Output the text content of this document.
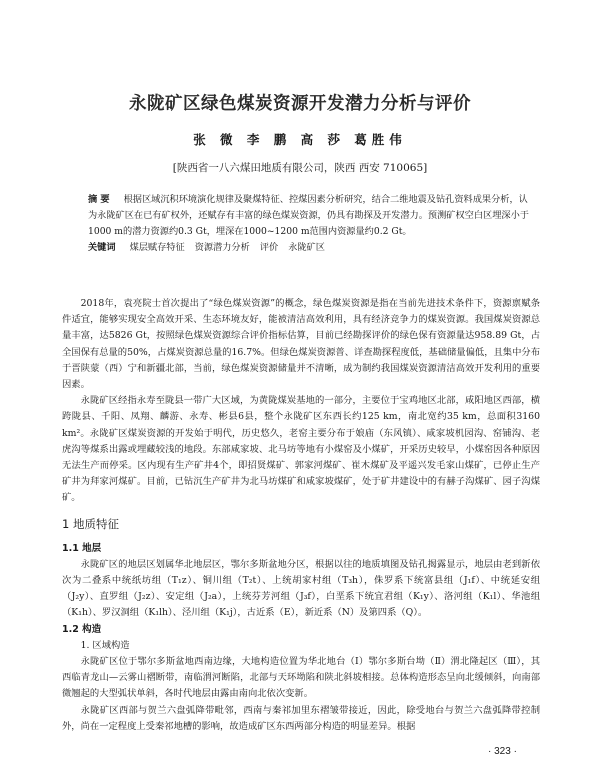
永陇矿区绿色煤炭资源开发潜力分析与评价
张 微 李 鹏 高 莎 葛胜伟
[陕西省一八六煤田地质有限公司，陕西 西安 710065]
摘 要 根据区域沉积环境演化规律及聚煤特征、控煤因素分析研究，结合二维地震及钻孔资料成果分析，认为永陇矿区在已有矿权外，还赋存有丰富的绿色煤炭资源，仍具有勘探及开发潜力。预测矿权空白区埋深小于1000 m的潜力资源约0.3 Gt，埋深在1000~1200 m范围内资源量约0.2 Gt。
关键词 煤层赋存特征 资源潜力分析 评价 永陇矿区

2018年，袁亮院士首次提出了“绿色煤炭资源”的概念，绿色煤炭资源是指在当前先进技术条件下，资源禀赋条件适宜，能够实现安全高效开采、生态环境友好，能被清洁高效利用，具有经济竞争力的煤炭资源。我国煤炭资源总量丰富，达5826 Gt，按照绿色煤炭资源综合评价指标估算，目前已经勘探评价的绿色保有资源量达958.89 Gt，占全国保有总量的50%，占煤炭资源总量的16.7%。但绿色煤炭资源普、详查勘探程度低，基础储量偏低，且集中分布于晋陕蒙（西）宁和新疆北部，当前，绿色煤炭资源储量并不清晰，成为制约我国煤炭资源清洁高效开发利用的重要因素。

永陇矿区经指永寿至陇县一带广大区域，为黄陇煤炭基地的一部分，主要位于宝鸡地区北部，咸阳地区西部，横跨陇县、千阳、凤翔、麟游、永寿、彬县6县，整个永陇矿区东西长约125 km，南北宽约35 km，总面积3160 km²。永陇矿区煤炭资源的开发始于明代，历史悠久，老窑主要分布于娘庙（东风镇）、咸家坡机园沟、窑铺沟、老虎沟等煤系出露或埋藏较浅的地段。东部咸家坡、北马坊等地有小煤窑及小煤矿，开采历史较早，小煤窑因各种原因无法生产而停采。区内现有生产矿井4个，即招贤煤矿、郭家河煤矿、崔木煤矿及平遥兴发毛家山煤矿，已停止生产矿井为拜家河煤矿。目前，已钻沉生产矿井为北马坊煤矿和咸家坡煤矿，处于矿井建设中的有赫子沟煤矿、园子沟煤矿。

1 地质特征
1.1 地层

永陇矿区的地层区划属华北地层区，鄂尔多斯盆地分区，根据以往的地质填图及钻孔揭露显示，地层由老到新依次为二叠系中统纸坊组（T₁z）、铜川组（T₂t）、上统胡家村组（T₃h），侏罗系下统富县组（J₁f）、中统延安组（J₂y）、直罗组（J₂z）、安定组（J₂a），上统芬芳河组（J₃f），白垩系下统宜君组（K₁y）、洛河组（K₁l）、华池组（K₁h）、罗汉洞组（K₁lh）、泾川组（K₁j），古近系（E），新近系（N）及第四系（Q）。

1.2 构造
1. 区域构造

永陇矿区位于鄂尔多斯盆地西南边缘，大地构造位置为华北地台（Ⅰ）鄂尔多斯台坳（Ⅱ）渭北隆起区（Ⅲ），其西临青龙山—云雾山褶断带，南临渭河断陷，北部与天环坳陷和陕北斜坡相接。总体构造形态呈向北缓倾斜，向南部微翘起的大型弧状单斜，各时代地层由露由南向北依次变新。

永陇矿区西部与贺兰六盘弧降带毗邻，西南与秦祁加里东褶皱带接近，因此，除受地台与贺兰六盘弧降带控制外，尚在一定程度上受秦祁地槽的影响，故造成矿区东西两部分构造的明显差异。根据

· 323 ·
